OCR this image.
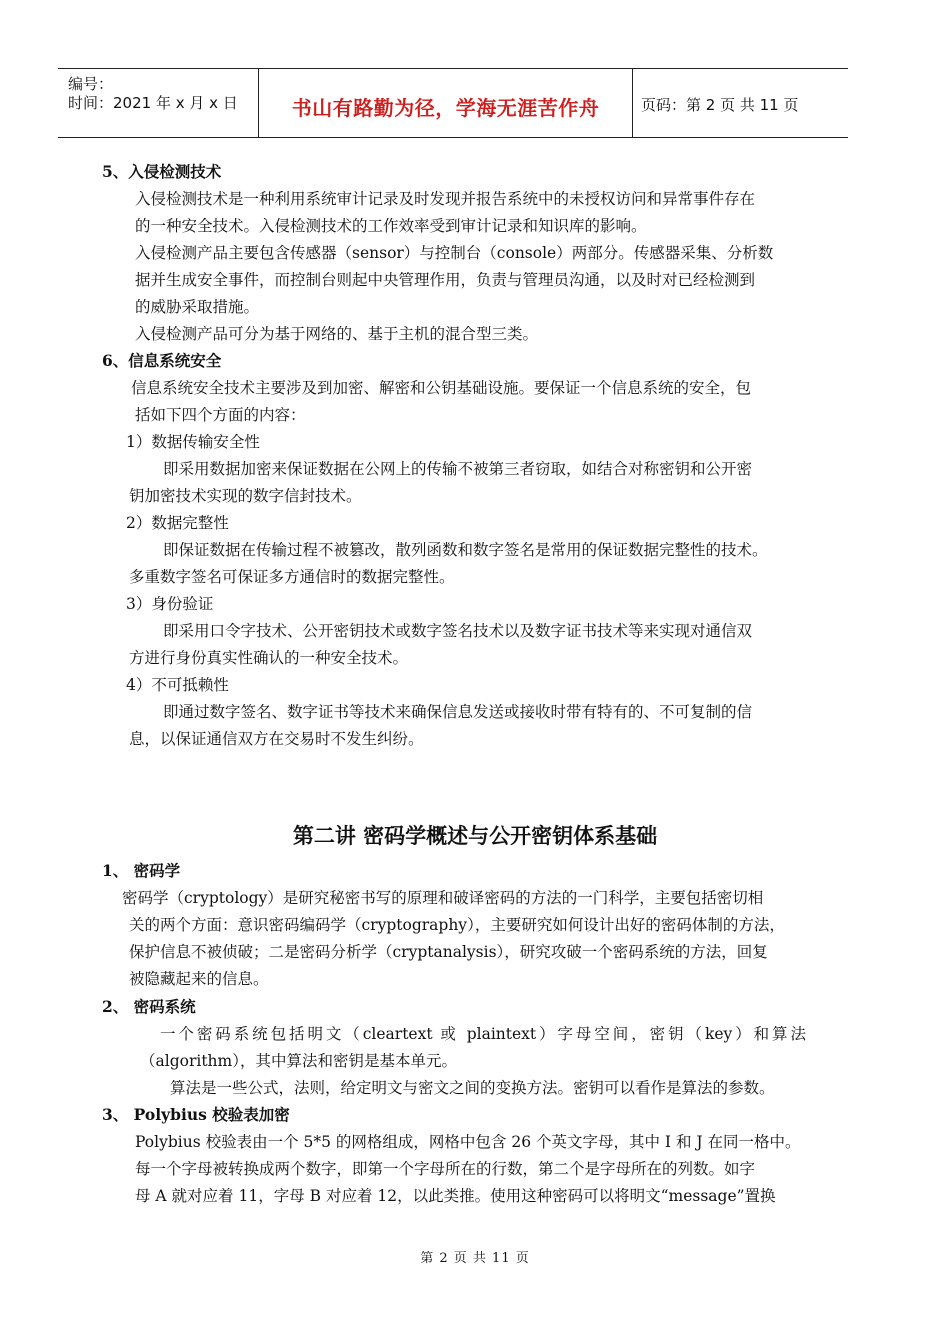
编号：
时间：2021 年 x 月 x 日	书山有路勤为径，学海无涯苦作舟	页码：第 2 页 共 11 页
5、入侵检测技术
入侵检测技术是一种利用系统审计记录及时发现并报告系统中的未授权访问和异常事件存在
的一种安全技术。入侵检测技术的工作效率受到审计记录和知识库的影响。
入侵检测产品主要包含传感器（sensor）与控制台（console）两部分。传感器采集、分析数
据并生成安全事件，而控制台则起中央管理作用，负责与管理员沟通，以及时对已经检测到
的威胁采取措施。
入侵检测产品可分为基于网络的、基于主机的混合型三类。
6、信息系统安全
信息系统安全技术主要涉及到加密、解密和公钥基础设施。要保证一个信息系统的安全，包
括如下四个方面的内容：
1）数据传输安全性
即采用数据加密来保证数据在公网上的传输不被第三者窃取，如结合对称密钥和公开密
钥加密技术实现的数字信封技术。
2）数据完整性
即保证数据在传输过程不被篡改，散列函数和数字签名是常用的保证数据完整性的技术。
多重数字签名可保证多方通信时的数据完整性。
3）身份验证
即采用口令字技术、公开密钥技术或数字签名技术以及数字证书技术等来实现对通信双
方进行身份真实性确认的一种安全技术。
4）不可抵赖性
即通过数字签名、数字证书等技术来确保信息发送或接收时带有特有的、不可复制的信
息，以保证通信双方在交易时不发生纠纷。
第二讲 密码学概述与公开密钥体系基础
1、 密码学
密码学（cryptology）是研究秘密书写的原理和破译密码的方法的一门科学，主要包括密切相
关的两个方面：意识密码编码学（cryptography），主要研究如何设计出好的密码体制的方法，
保护信息不被侦破；二是密码分析学（cryptanalysis），研究攻破一个密码系统的方法，回复
被隐藏起来的信息。
2、 密码系统
一个密码系统包括明文（cleartext 或 plaintext）字母空间，密钥（key）和算法
（algorithm），其中算法和密钥是基本单元。
算法是一些公式，法则，给定明文与密文之间的变换方法。密钥可以看作是算法的参数。
3、 Polybius 校验表加密
Polybius 校验表由一个 5*5 的网格组成，网格中包含 26 个英文字母，其中 I 和 J 在同一格中。
每一个字母被转换成两个数字，即第一个字母所在的行数，第二个是字母所在的列数。如字
母 A 就对应着 11，字母 B 对应着 12，以此类推。使用这种密码可以将明文“message”置换
第 2 页 共 11 页
